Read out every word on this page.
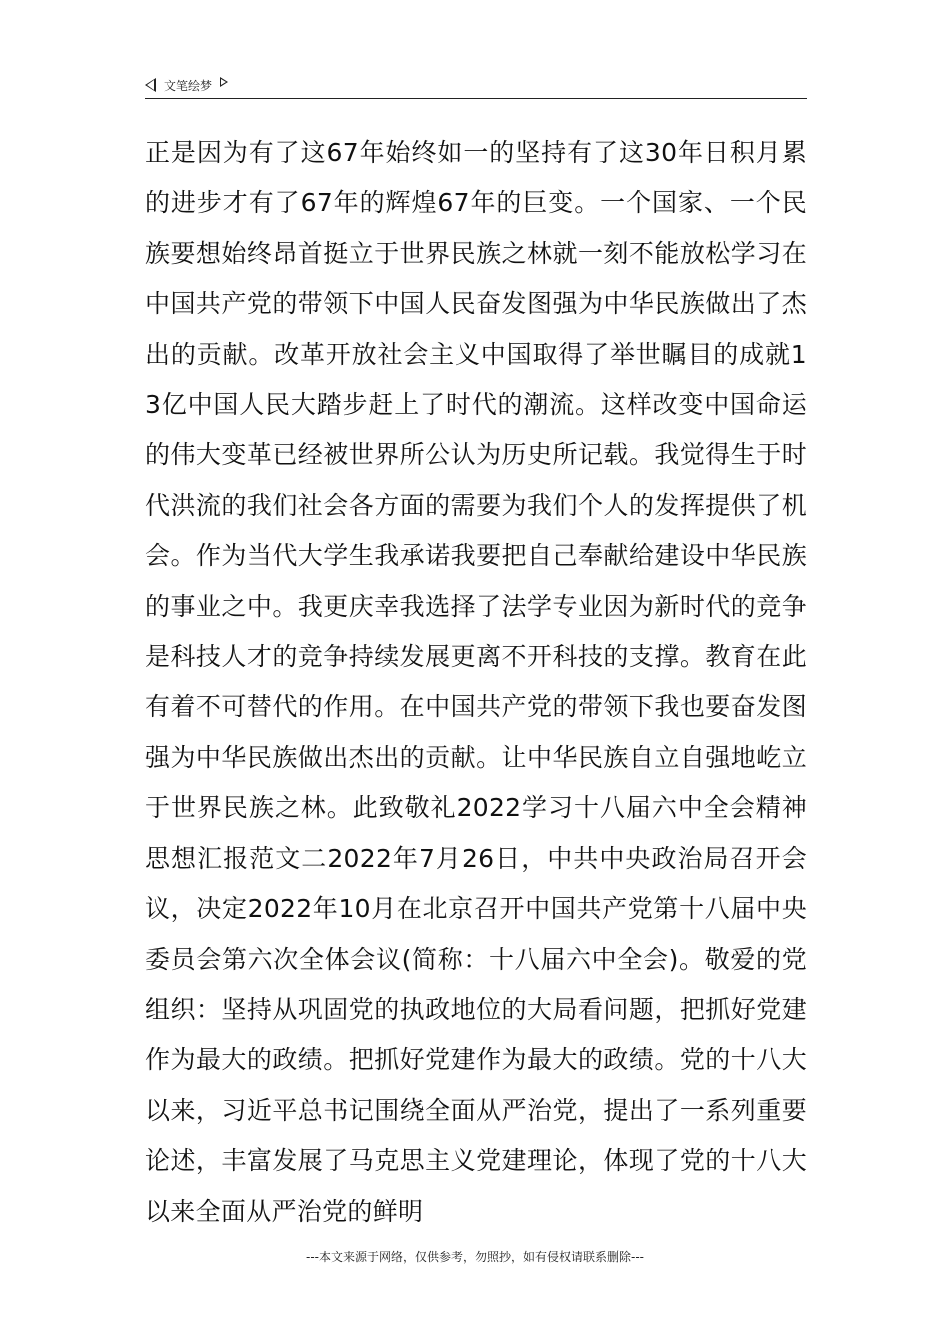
文笔绘梦

正是因为有了这67年始终如一的坚持有了这30年日积月累的进步才有了67年的辉煌67年的巨变。一个国家、一个民族要想始终昂首挺立于世界民族之林就一刻不能放松学习在中国共产党的带领下中国人民奋发图强为中华民族做出了杰出的贡献。改革开放社会主义中国取得了举世瞩目的成就13亿中国人民大踏步赶上了时代的潮流。这样改变中国命运的伟大变革已经被世界所公认为历史所记载。我觉得生于时代洪流的我们社会各方面的需要为我们个人的发挥提供了机会。作为当代大学生我承诺我要把自己奉献给建设中华民族的事业之中。我更庆幸我选择了法学专业因为新时代的竞争是科技人才的竞争持续发展更离不开科技的支撑。教育在此有着不可替代的作用。在中国共产党的带领下我也要奋发图强为中华民族做出杰出的贡献。让中华民族自立自强地屹立于世界民族之林。此致敬礼2022学习十八届六中全会精神思想汇报范文二2022年7月26日，中共中央政治局召开会议，决定2022年10月在北京召开中国共产党第十八届中央委员会第六次全体会议(简称：十八届六中全会)。敬爱的党组织：坚持从巩固党的执政地位的大局看问题，把抓好党建作为最大的政绩。把抓好党建作为最大的政绩。党的十八大以来，习近平总书记围绕全面从严治党，提出了一系列重要论述，丰富发展了马克思主义党建理论，体现了党的十八大以来全面从严治党的鲜明

---本文来源于网络，仅供参考，勿照抄，如有侵权请联系删除---
